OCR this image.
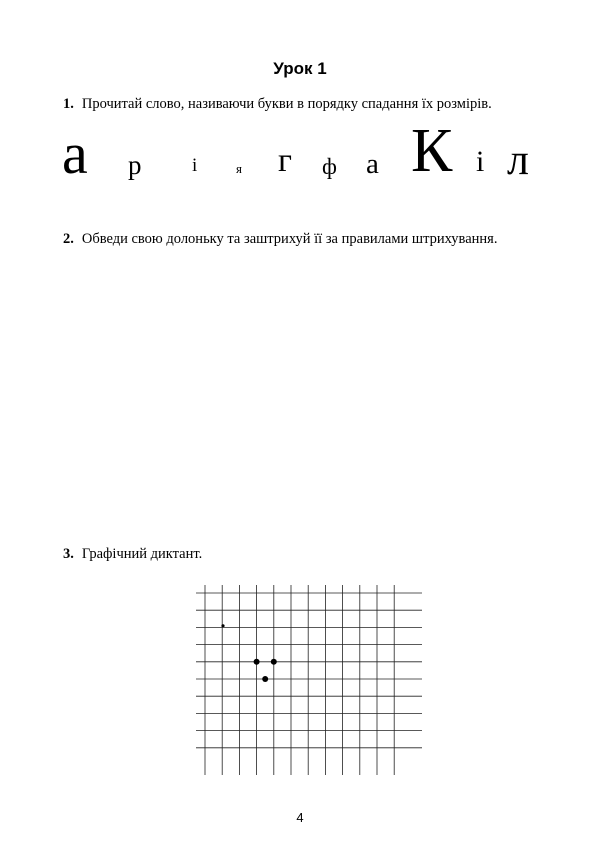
Урок 1
1. Прочитай слово, називаючи букви в порядку спадання їх розмірів.
а р	і	я г ф а К і л
2. Обведи свою долоньку та заштрихуй її за правилами штрихування.
3. Графічний диктант.
4
